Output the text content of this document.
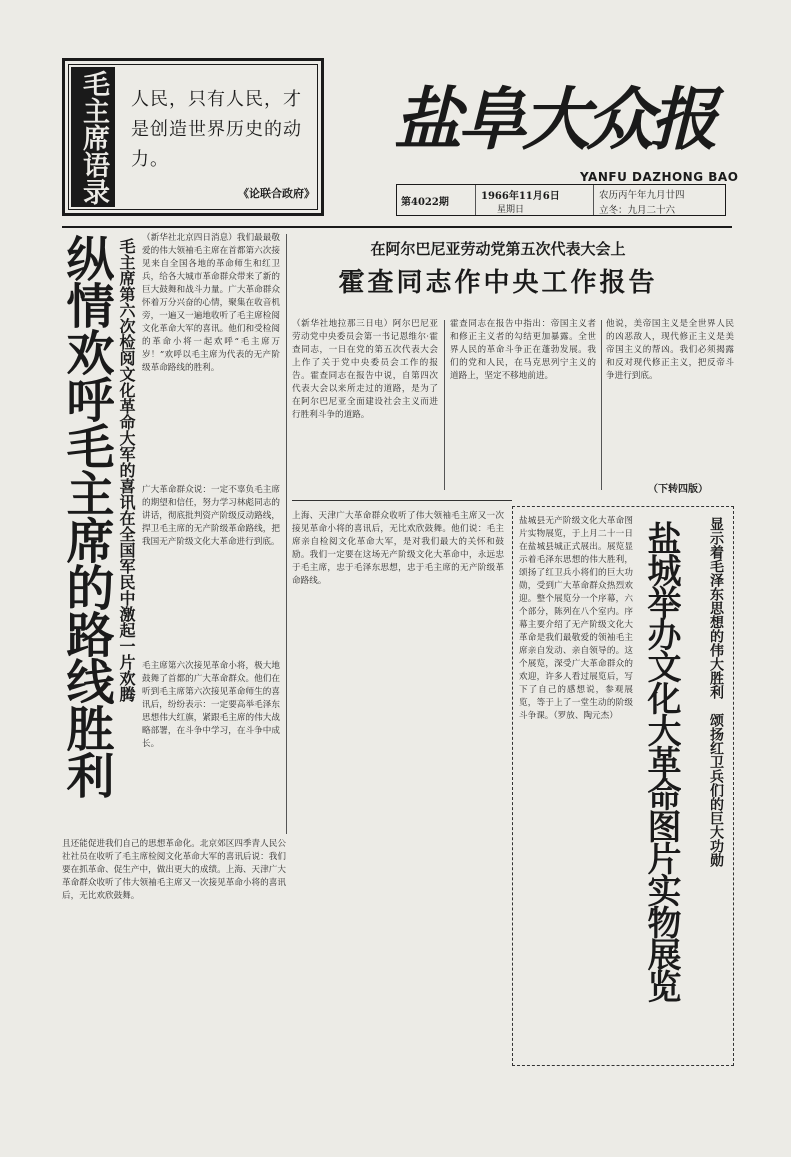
毛主席语录	人民，只有人民，才是创造世界历史的动力。
《论联合政府》
盐阜大众报
YANFU DAZHONG BAO
第4022期
1966年11月6日
星期日
农历丙午年九月廿四
立冬：九月二十六
纵情欢呼毛主席的路线胜利 毛主席第六次检阅文化革命大军的喜讯在全国军民中激起一片欢腾 （新华社北京四日消息）我们最最敬爱的伟大领袖毛主席在首都第六次接见来自全国各地的革命师生和红卫兵，给各大城市革命群众带来了新的巨大鼓舞和战斗力量。广大革命群众怀着万分兴奋的心情，聚集在收音机旁，一遍又一遍地收听了毛主席检阅文化革命大军的喜讯。他们和受检阅的革命小将一起欢呼“毛主席万岁！”欢呼以毛主席为代表的无产阶级革命路线的胜利。
广大革命群众说：一定不辜负毛主席的期望和信任，努力学习林彪同志的讲话，彻底批判资产阶级反动路线，捍卫毛主席的无产阶级革命路线，把我国无产阶级文化大革命进行到底。
毛主席第六次接见革命小将，极大地鼓舞了首都的广大革命群众。他们在听到毛主席第六次接见革命师生的喜讯后，纷纷表示：一定要高举毛泽东思想伟大红旗，紧跟毛主席的伟大战略部署，在斗争中学习，在斗争中成长。
且还能促进我们自己的思想革命化。北京郊区四季青人民公社社员在收听了毛主席检阅文化革命大军的喜讯后说：我们要在抓革命、促生产中，做出更大的成绩。上海、天津广大革命群众收听了伟大领袖毛主席又一次接见革命小将的喜讯后，无比欢欣鼓舞。
在阿尔巴尼亚劳动党第五次代表大会上
霍查同志作中央工作报告
（新华社地拉那三日电）阿尔巴尼亚劳动党中央委员会第一书记恩维尔·霍查同志，一日在党的第五次代表大会上作了关于党中央委员会工作的报告。霍查同志在报告中说，自第四次代表大会以来所走过的道路，是为了在阿尔巴尼亚全面建设社会主义而进行胜利斗争的道路。
霍查同志在报告中指出：帝国主义者和修正主义者的勾结更加暴露。全世界人民的革命斗争正在蓬勃发展。我们的党和人民，在马克思列宁主义的道路上，坚定不移地前进。
他说，美帝国主义是全世界人民的凶恶敌人，现代修正主义是美帝国主义的帮凶。我们必须揭露和反对现代修正主义，把反帝斗争进行到底。
（下转四版）
上海、天津广大革命群众收听了伟大领袖毛主席又一次接见革命小将的喜讯后，无比欢欣鼓舞。他们说：毛主席亲自检阅文化革命大军，是对我们最大的关怀和鼓励。我们一定要在这场无产阶级文化大革命中，永远忠于毛主席，忠于毛泽东思想，忠于毛主席的无产阶级革命路线。
盐城县无产阶级文化大革命图片实物展览，于上月二十一日在盐城县城正式展出。展览显示着毛泽东思想的伟大胜利，颂扬了红卫兵小将们的巨大功勋，受到广大革命群众热烈欢迎。整个展览分一个序幕，六个部分，陈列在八个室内。序幕主要介绍了无产阶级文化大革命是我们最敬爱的领袖毛主席亲自发动、亲自领导的。这个展览，深受广大革命群众的欢迎，许多人看过展览后，写下了自己的感想说，参观展览，等于上了一堂生动的阶级斗争课。（罗放、陶元杰） 盐城举办文化大革命图片实物展览	显示着毛泽东思想的伟大胜利　颂扬红卫兵们的巨大功勋
